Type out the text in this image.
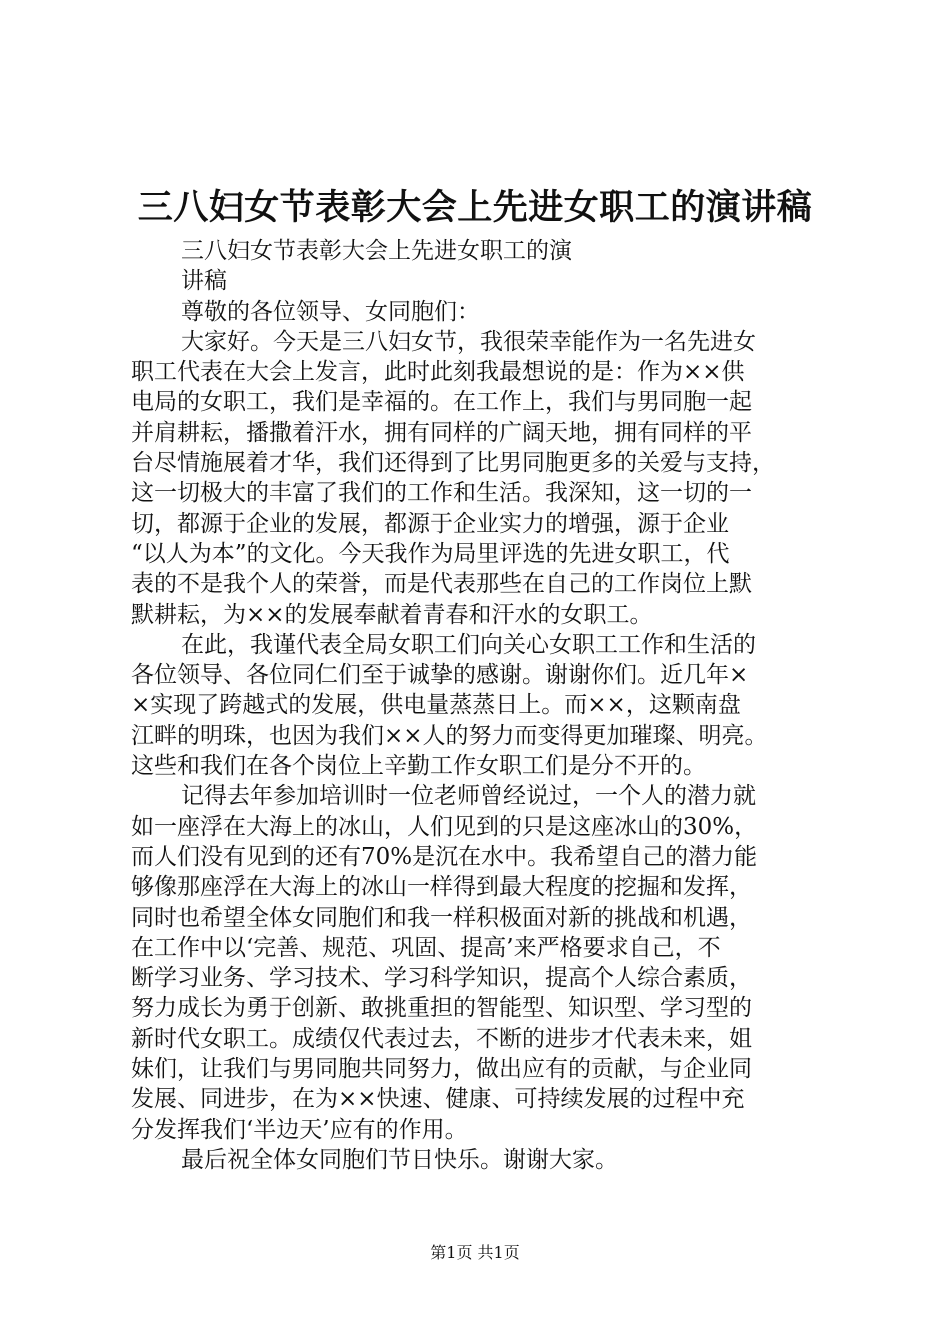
三八妇女节表彰大会上先进女职工的演讲稿
三八妇女节表彰大会上先进女职工的演
讲稿
尊敬的各位领导、女同胞们：
大家好。今天是三八妇女节，我很荣幸能作为一名先进女
职工代表在大会上发言，此时此刻我最想说的是：作为××供
电局的女职工，我们是幸福的。在工作上，我们与男同胞一起
并肩耕耘，播撒着汗水，拥有同样的广阔天地，拥有同样的平
台尽情施展着才华，我们还得到了比男同胞更多的关爱与支持，
这一切极大的丰富了我们的工作和生活。我深知，这一切的一
切，都源于企业的发展，都源于企业实力的增强，源于企业
“以人为本”的文化。今天我作为局里评选的先进女职工，代
表的不是我个人的荣誉，而是代表那些在自己的工作岗位上默
默耕耘，为××的发展奉献着青春和汗水的女职工。
在此，我谨代表全局女职工们向关心女职工工作和生活的
各位领导、各位同仁们至于诚挚的感谢。谢谢你们。近几年×
×实现了跨越式的发展，供电量蒸蒸日上。而××，这颗南盘
江畔的明珠，也因为我们××人的努力而变得更加璀璨、明亮。
这些和我们在各个岗位上辛勤工作女职工们是分不开的。
记得去年参加培训时一位老师曾经说过，一个人的潜力就
如一座浮在大海上的冰山，人们见到的只是这座冰山的30%，
而人们没有见到的还有70%是沉在水中。我希望自己的潜力能
够像那座浮在大海上的冰山一样得到最大程度的挖掘和发挥，
同时也希望全体女同胞们和我一样积极面对新的挑战和机遇，
在工作中以‘完善、规范、巩固、提高’来严格要求自己，不
断学习业务、学习技术、学习科学知识，提高个人综合素质，
努力成长为勇于创新、敢挑重担的智能型、知识型、学习型的
新时代女职工。成绩仅代表过去，不断的进步才代表未来，姐
妹们，让我们与男同胞共同努力，做出应有的贡献，与企业同
发展、同进步，在为××快速、健康、可持续发展的过程中充
分发挥我们‘半边天’应有的作用。
最后祝全体女同胞们节日快乐。谢谢大家。
第1页 共1页
